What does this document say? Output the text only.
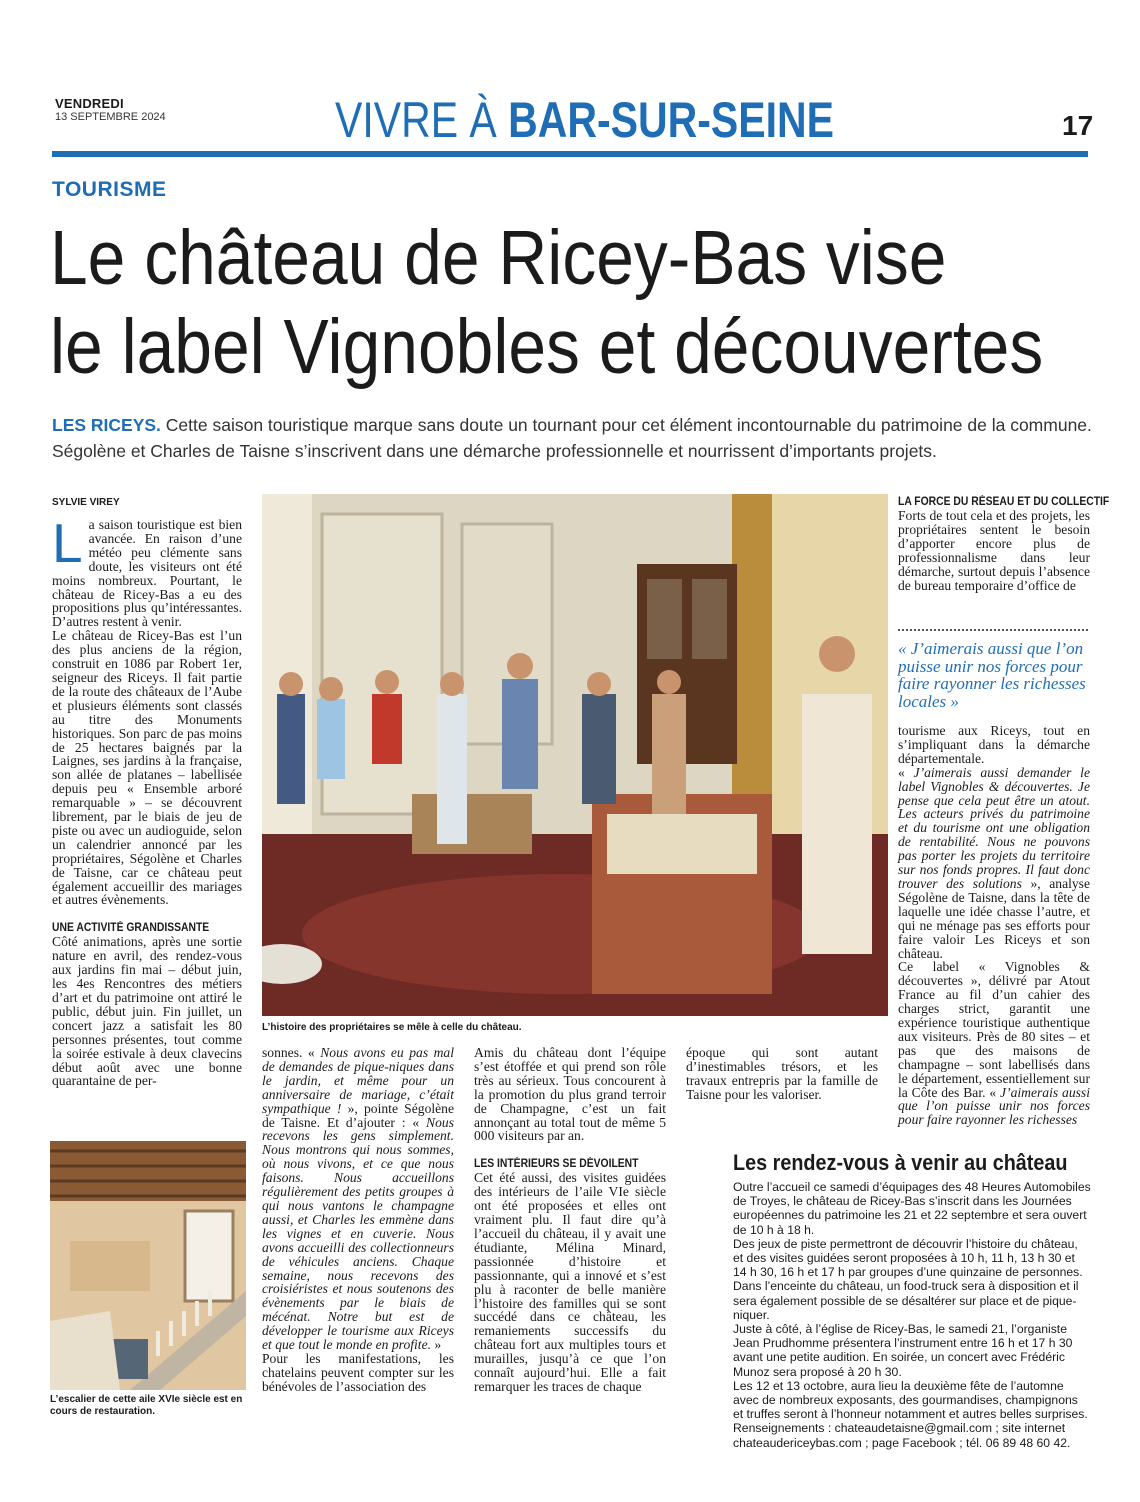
VENDREDI
13 SEPTEMBRE 2024	VIVRE À BAR-SUR-SEINE	17
TOURISME
Le château de Ricey-Bas vise
le label Vignobles et découvertes
LES RICEYS. Cette saison touristique marque sans doute un tournant pour cet élément incontournable du patrimoine de la commune. Ségolène et Charles de Taisne s’inscrivent dans une démarche professionnelle et nourrissent d’importants projets.
SYLVIE VIREY

La saison touristique est bien avancée. En raison d’une météo peu clémente sans doute, les visiteurs ont été moins nombreux. Pourtant, le château de Ricey-Bas a eu des propositions plus qu’intéressantes. D’autres restent à venir.

Le château de Ricey-Bas est l’un des plus anciens de la région, construit en 1086 par Robert 1er, seigneur des Riceys. Il fait partie de la route des châteaux de l’Aube et plusieurs éléments sont classés au titre des Monuments historiques. Son parc de pas moins de 25 hectares baignés par la Laignes, ses jardins à la française, son allée de platanes – labellisée depuis peu « Ensemble arboré remarquable » – se découvrent librement, par le biais de jeu de piste ou avec un audioguide, selon un calendrier annoncé par les propriétaires, Ségolène et Charles de Taisne, car ce château peut également accueillir des mariages et autres évènements.

UNE ACTIVITÉ GRANDISSANTE

Côté animations, après une sortie nature en avril, des rendez-vous aux jardins fin mai – début juin, les 4es Rencontres des métiers d’art et du patrimoine ont attiré le public, début juin. Fin juillet, un concert jazz a satisfait les 80 personnes présentes, tout comme la soirée estivale à deux clavecins début août avec une bonne quarantaine de per-

L’escalier de cette aile XVIe siècle est en cours de restauration.
L’histoire des propriétaires se mêle à celle du château.

sonnes. « Nous avons eu pas mal de demandes de pique-niques dans le jardin, et même pour un anniversaire de mariage, c’était sympathique ! », pointe Ségolène de Taisne. Et d’ajouter : « Nous recevons les gens simplement. Nous montrons qui nous sommes, où nous vivons, et ce que nous faisons. Nous accueillons régulièrement des petits groupes à qui nous vantons le champagne aussi, et Charles les emmène dans les vignes et en cuverie. Nous avons accueilli des collectionneurs de véhicules anciens. Chaque semaine, nous recevons des croisiéristes et nous soutenons des évènements par le biais de mécénat. Notre but est de développer le tourisme aux Riceys et que tout le monde en profite. »

Pour les manifestations, les chatelains peuvent compter sur les bénévoles de l’association des

Amis du château dont l’équipe s’est étoffée et qui prend son rôle très au sérieux. Tous concourent à la promotion du plus grand terroir de Champagne, c’est un fait annonçant au total tout de même 5 000 visiteurs par an.

LES INTÉRIEURS SE DÉVOILENT

Cet été aussi, des visites guidées des intérieurs de l’aile VIe siècle ont été proposées et elles ont vraiment plu. Il faut dire qu’à l’accueil du château, il y avait une étudiante, Mélina Minard, passionnée d’histoire et passionnante, qui a innové et s’est plu à raconter de belle manière l’histoire des familles qui se sont succédé dans ce château, les remaniements successifs du château fort aux multiples tours et murailles, jusqu’à ce que l’on connaît aujourd’hui. Elle a fait remarquer les traces de chaque

époque qui sont autant d’inestimables trésors, et les travaux entrepris par la famille de Taisne pour les valoriser.

LA FORCE DU RÉSEAU ET DU COLLECTIF

Forts de tout cela et des projets, les propriétaires sentent le besoin d’apporter encore plus de professionnalisme dans leur démarche, surtout depuis l’absence de bureau temporaire d’office de

« J’aimerais aussi que l’on puisse unir nos forces pour faire rayonner les richesses locales »

tourisme aux Riceys, tout en s’impliquant dans la démarche départementale.

« J’aimerais aussi demander le label Vignobles & découvertes. Je pense que cela peut être un atout. Les acteurs privés du patrimoine et du tourisme ont une obligation de rentabilité. Nous ne pouvons pas porter les projets du territoire sur nos fonds propres. Il faut donc trouver des solutions », analyse Ségolène de Taisne, dans la tête de laquelle une idée chasse l’autre, et qui ne ménage pas ses efforts pour faire valoir Les Riceys et son château.

Ce label « Vignobles & découvertes », délivré par Atout France au fil d’un cahier des charges strict, garantit une expérience touristique authentique aux visiteurs. Près de 80 sites – et pas que des maisons de champagne – sont labellisés dans le département, essentiellement sur la Côte des Bar. « J’aimerais aussi que l’on puisse unir nos forces pour faire rayonner les richesses

Les rendez-vous à venir au château

Outre l’accueil ce samedi d’équipages des 48 Heures Automobiles de Troyes, le château de Ricey-Bas s’inscrit dans les Journées européennes du patrimoine les 21 et 22 septembre et sera ouvert de 10 h à 18 h.

Des jeux de piste permettront de découvrir l’histoire du château, et des visites guidées seront proposées à 10 h, 11 h, 13 h 30 et 14 h 30, 16 h et 17 h par groupes d’une quinzaine de personnes. Dans l’enceinte du château, un food-truck sera à disposition et il sera également possible de se désaltérer sur place et de pique-niquer.

Juste à côté, à l’église de Ricey-Bas, le samedi 21, l’organiste Jean Prudhomme présentera l’instrument entre 16 h et 17 h 30 avant une petite audition. En soirée, un concert avec Frédéric Munoz sera proposé à 20 h 30.

Les 12 et 13 octobre, aura lieu la deuxième fête de l’automne avec de nombreux exposants, des gourmandises, champignons et truffes seront à l’honneur notamment et autres belles surprises.

Renseignements : chateaudetaisne@gmail.com ; site internet chateaudericeybas.com ; page Facebook ; tél. 06 89 48 60 42.
